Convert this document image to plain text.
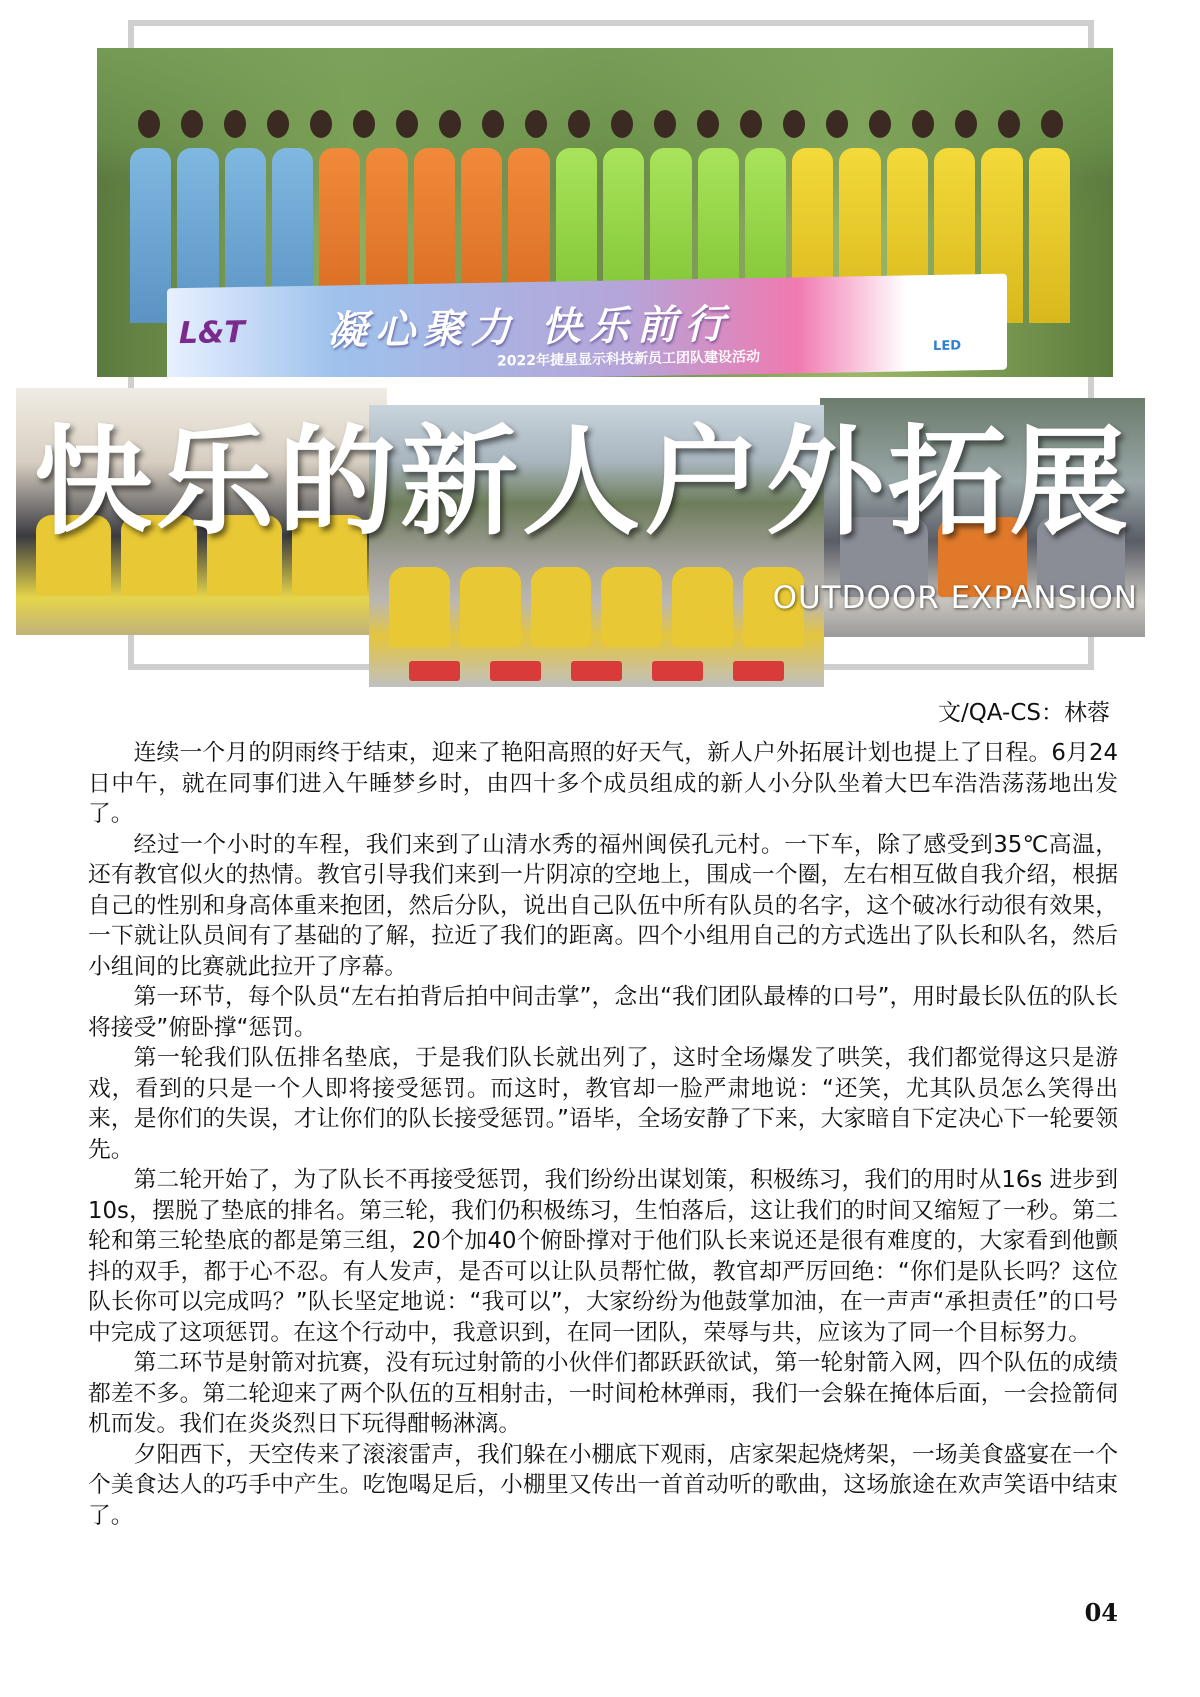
L&T 凝心聚力 快乐前行
2022年捷星显示科技新员工团队建设活动
LED
快乐的新人户外拓展
OUTDOOR EXPANSION
文/QA-CS：林蓉

连续一个月的阴雨终于结束，迎来了艳阳高照的好天气，新人户外拓展计划也提上了日程。6月24日中午，就在同事们进入午睡梦乡时，由四十多个成员组成的新人小分队坐着大巴车浩浩荡荡地出发了。

经过一个小时的车程，我们来到了山清水秀的福州闽侯孔元村。一下车，除了感受到35℃高温，还有教官似火的热情。教官引导我们来到一片阴凉的空地上，围成一个圈，左右相互做自我介绍，根据自己的性别和身高体重来抱团，然后分队，说出自己队伍中所有队员的名字，这个破冰行动很有效果，一下就让队员间有了基础的了解，拉近了我们的距离。四个小组用自己的方式选出了队长和队名，然后小组间的比赛就此拉开了序幕。

第一环节，每个队员“左右拍背后拍中间击掌”，念出“我们团队最棒的口号”，用时最长队伍的队长将接受”俯卧撑“惩罚。

第一轮我们队伍排名垫底，于是我们队长就出列了，这时全场爆发了哄笑，我们都觉得这只是游戏，看到的只是一个人即将接受惩罚。而这时，教官却一脸严肃地说：“还笑，尤其队员怎么笑得出来，是你们的失误，才让你们的队长接受惩罚。”语毕，全场安静了下来，大家暗自下定决心下一轮要领先。

第二轮开始了，为了队长不再接受惩罚，我们纷纷出谋划策，积极练习，我们的用时从16s 进步到10s，摆脱了垫底的排名。第三轮，我们仍积极练习，生怕落后，这让我们的时间又缩短了一秒。第二轮和第三轮垫底的都是第三组，20个加40个俯卧撑对于他们队长来说还是很有难度的，大家看到他颤抖的双手，都于心不忍。有人发声，是否可以让队员帮忙做，教官却严厉回绝：“你们是队长吗？这位队长你可以完成吗？”队长坚定地说：“我可以”，大家纷纷为他鼓掌加油，在一声声“承担责任”的口号中完成了这项惩罚。在这个行动中，我意识到，在同一团队，荣辱与共，应该为了同一个目标努力。

第二环节是射箭对抗赛，没有玩过射箭的小伙伴们都跃跃欲试，第一轮射箭入网，四个队伍的成绩都差不多。第二轮迎来了两个队伍的互相射击，一时间枪林弹雨，我们一会躲在掩体后面，一会捡箭伺机而发。我们在炎炎烈日下玩得酣畅淋漓。

夕阳西下，天空传来了滚滚雷声，我们躲在小棚底下观雨，店家架起烧烤架，一场美食盛宴在一个个美食达人的巧手中产生。吃饱喝足后，小棚里又传出一首首动听的歌曲，这场旅途在欢声笑语中结束了。

04
